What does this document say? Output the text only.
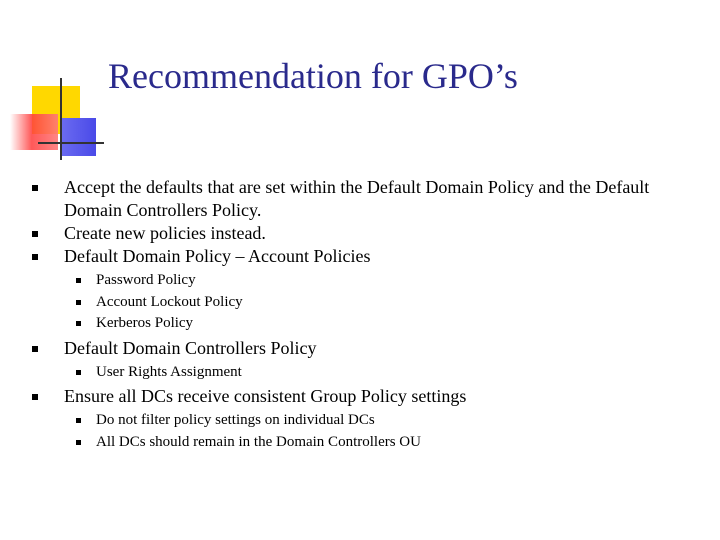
Recommendation for GPO’s
Accept the defaults that are set within the Default Domain Policy and the Default Domain Controllers Policy.
Create new policies instead.
Default Domain Policy – Account Policies
Password Policy
Account Lockout Policy
Kerberos Policy
Default Domain Controllers Policy
User Rights Assignment
Ensure all DCs receive consistent Group Policy settings
Do not filter policy settings on individual DCs
All DCs should remain in the Domain Controllers OU
